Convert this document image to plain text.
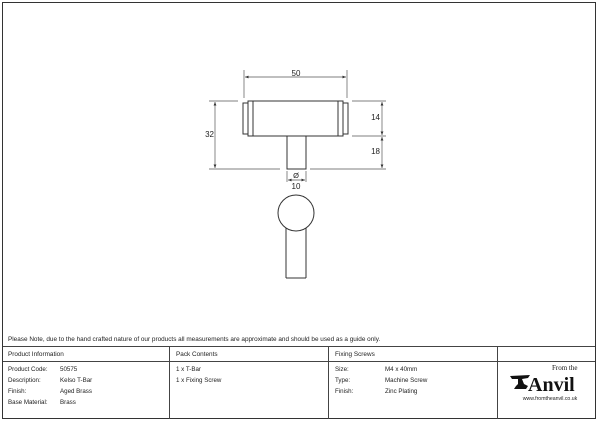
50
32
14
18
Ø
10
Please Note, due to the hand crafted nature of our products all measurements are approximate and should be used as a guide only.
Product Information
Product Code:
Description:
Finish:
Base Material:
50575
Kelso T-Bar
Aged Brass
Brass
Pack Contents
1 x T-Bar
1 x Fixing Screw
Fixing Screws
Size:
Type:
Finish:
M4 x 40mm
Machine Screw
Zinc Plating
From the
Anvil
www.fromtheanvil.co.uk
